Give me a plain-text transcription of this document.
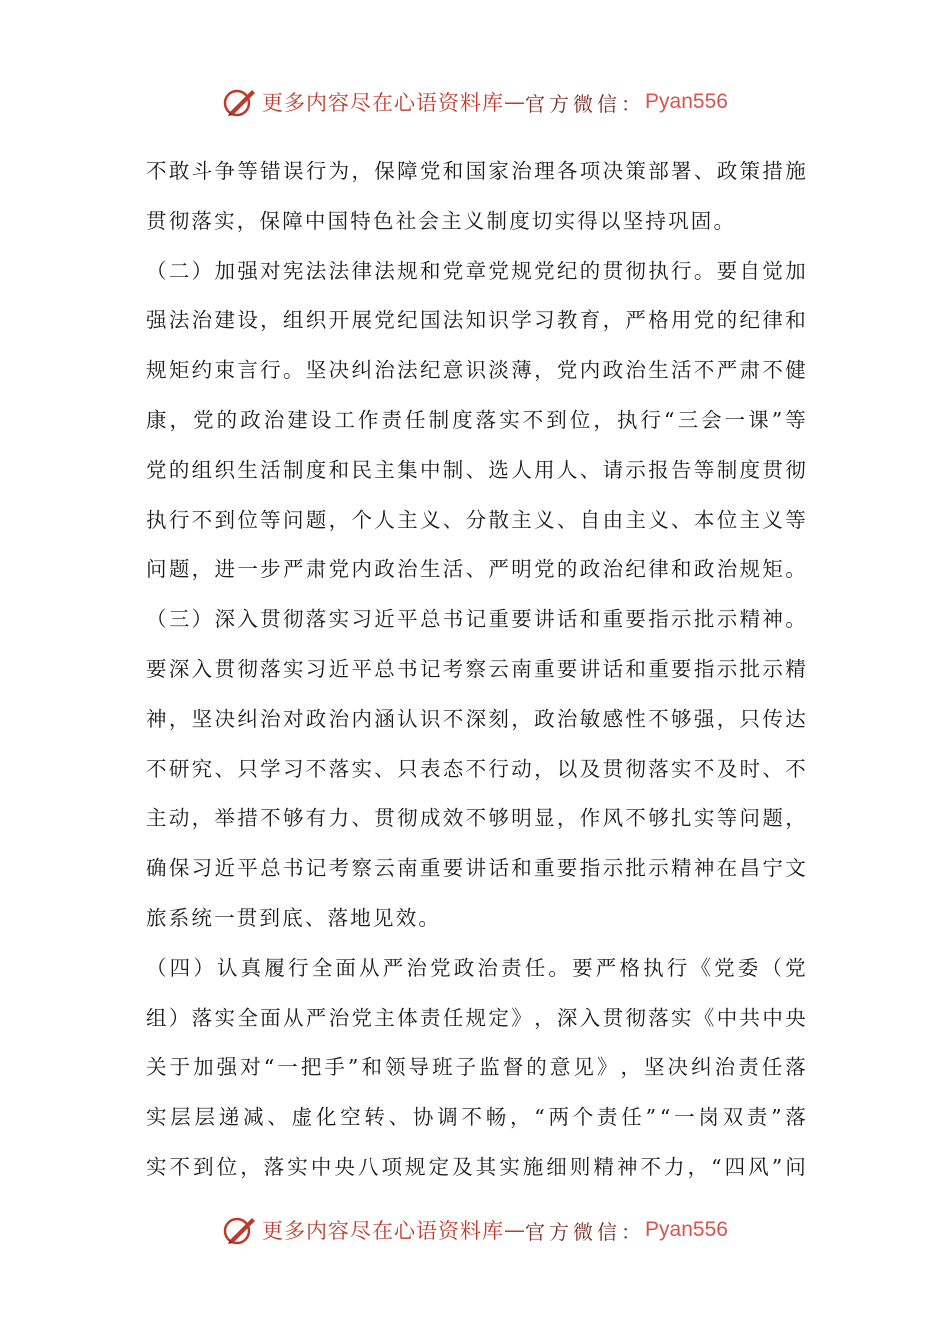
更多内容尽在心语资料库 — 官方微信： Pyan556
不 敢 斗 争 等 错 误 行 为 ， 保 障 党 和 国 家 治 理 各 项 决 策 部 署 、 政 策 措 施
贯彻落实，保障中国特色社会主义制度切实得以坚持巩固。
（ 二 ） 加 强 对 宪 法 法 律 法 规 和 党 章 党 规 党 纪 的 贯 彻 执 行 。 要 自 觉 加
强 法 治 建 设 ， 组 织 开 展 党 纪 国 法 知 识 学 习 教 育 ， 严 格 用 党 的 纪 律 和
规 矩 约 束 言 行 。 坚 决 纠 治 法 纪 意 识 淡 薄 ， 党 内 政 治 生 活 不 严 肃 不 健
康 ， 党 的 政 治 建 设 工 作 责 任 制 度 落 实 不 到 位 ， 执 行 “ 三 会 一 课 ” 等
党 的 组 织 生 活 制 度 和 民 主 集 中 制 、 选 人 用 人 、 请 示 报 告 等 制 度 贯 彻
执 行 不 到 位 等 问 题 ， 个 人 主 义 、 分 散 主 义 、 自 由 主 义 、 本 位 主 义 等
问 题 ， 进 一 步 严 肃 党 内 政 治 生 活 、 严 明 党 的 政 治 纪 律 和 政 治 规 矩 。
（ 三 ） 深 入 贯 彻 落 实 习 近 平 总 书 记 重 要 讲 话 和 重 要 指 示 批 示 精 神 。
要 深 入 贯 彻 落 实 习 近 平 总 书 记 考 察 云 南 重 要 讲 话 和 重 要 指 示 批 示 精
神 ， 坚 决 纠 治 对 政 治 内 涵 认 识 不 深 刻 ， 政 治 敏 感 性 不 够 强 ， 只 传 达
不 研 究 、 只 学 习 不 落 实 、 只 表 态 不 行 动 ， 以 及 贯 彻 落 实 不 及 时 、 不
主 动 ， 举 措 不 够 有 力 、 贯 彻 成 效 不 够 明 显 ， 作 风 不 够 扎 实 等 问 题 ，
确 保 习 近 平 总 书 记 考 察 云 南 重 要 讲 话 和 重 要 指 示 批 示 精 神 在 昌 宁 文
旅系统一贯到底、落地见效。
（ 四 ） 认 真 履 行 全 面 从 严 治 党 政 治 责 任 。 要 严 格 执 行 《 党 委 （ 党
组 ） 落 实 全 面 从 严 治 党 主 体 责 任 规 定 》 ， 深 入 贯 彻 落 实 《 中 共 中 央
关 于 加 强 对 “ 一 把 手 ” 和 领 导 班 子 监 督 的 意 见 》 ， 坚 决 纠 治 责 任 落
实 层 层 递 减 、 虚 化 空 转 、 协 调 不 畅 ， “ 两 个 责 任 ” “ 一 岗 双 责 ” 落
实 不 到 位 ， 落 实 中 央 八 项 规 定 及 其 实 施 细 则 精 神 不 力 ， “ 四 风 ” 问
更多内容尽在心语资料库 — 官方微信： Pyan556
